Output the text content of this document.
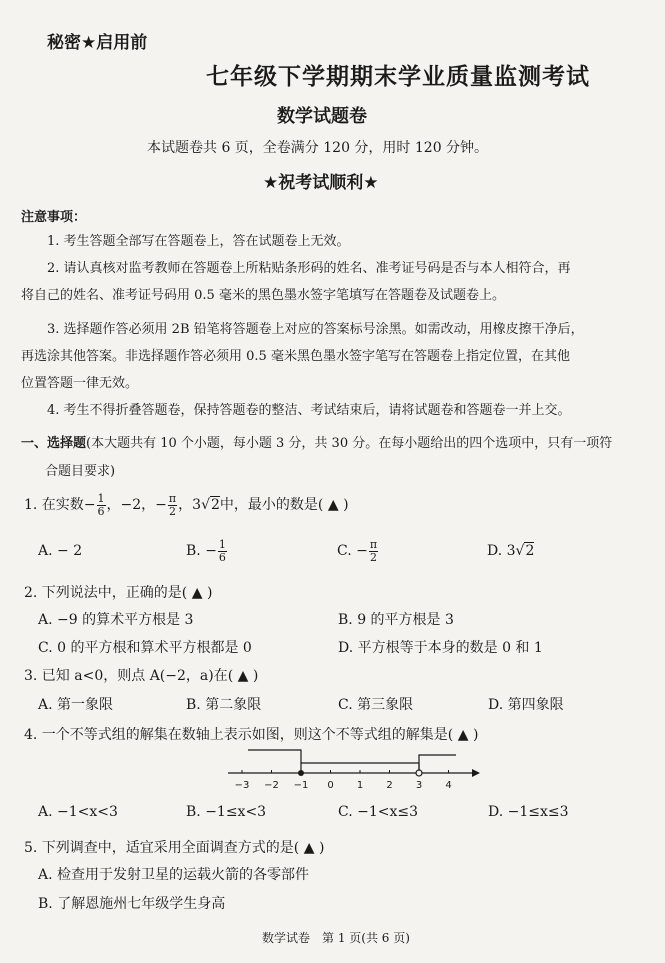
秘密★启用前
七年级下学期期末学业质量监测考试
数学试题卷
本试题卷共 6 页，全卷满分 120 分，用时 120 分钟。
★祝考试顺利★
注意事项：
1. 考生答题全部写在答题卷上，答在试题卷上无效。
2. 请认真核对监考教师在答题卷上所粘贴条形码的姓名、准考证号码是否与本人相符合，再
将自己的姓名、准考证号码用 0.5 毫米的黑色墨水签字笔填写在答题卷及试题卷上。
3. 选择题作答必须用 2B 铅笔将答题卷上对应的答案标号涂黑。如需改动，用橡皮擦干净后，
再选涂其他答案。非选择题作答必须用 0.5 毫米黑色墨水签字笔写在答题卷上指定位置，在其他
位置答题一律无效。
4. 考生不得折叠答题卷，保持答题卷的整洁、考试结束后，请将试题卷和答题卷一并上交。
一、选择题(本大题共有 10 个小题，每小题 3 分，共 30 分。在每小题给出的四个选项中，只有一项符
合题目要求)
1. 在实数− $\frac{1}{6}$ ，−2，− $\frac{\pi}{2}$ ，3√2中，最小的数是( ▲ )
A. − 2	B. − $\frac{1}{6}$	C. − $\frac{\pi}{2}$	D. 3√2
2. 下列说法中，正确的是( ▲ )
A. −9 的算术平方根是 3	B. 9 的平方根是 3
C. 0 的平方根和算术平方根都是 0	D. 平方根等于本身的数是 0 和 1
3. 已知 a<0，则点 A(−2，a)在( ▲ )
A. 第一象限	B. 第二象限	C. 第三象限	D. 第四象限
4. 一个不等式组的解集在数轴上表示如图，则这个不等式组的解集是( ▲ )
−3 −2 −1 0 1 2 3 4
A. −1<x<3	B. −1≤x<3	C. −1<x≤3	D. −1≤x≤3
5. 下列调查中，适宜采用全面调查方式的是( ▲ )
A. 检查用于发射卫星的运载火箭的各零部件
B. 了解恩施州七年级学生身高
数学试卷　第 1 页(共 6 页)
